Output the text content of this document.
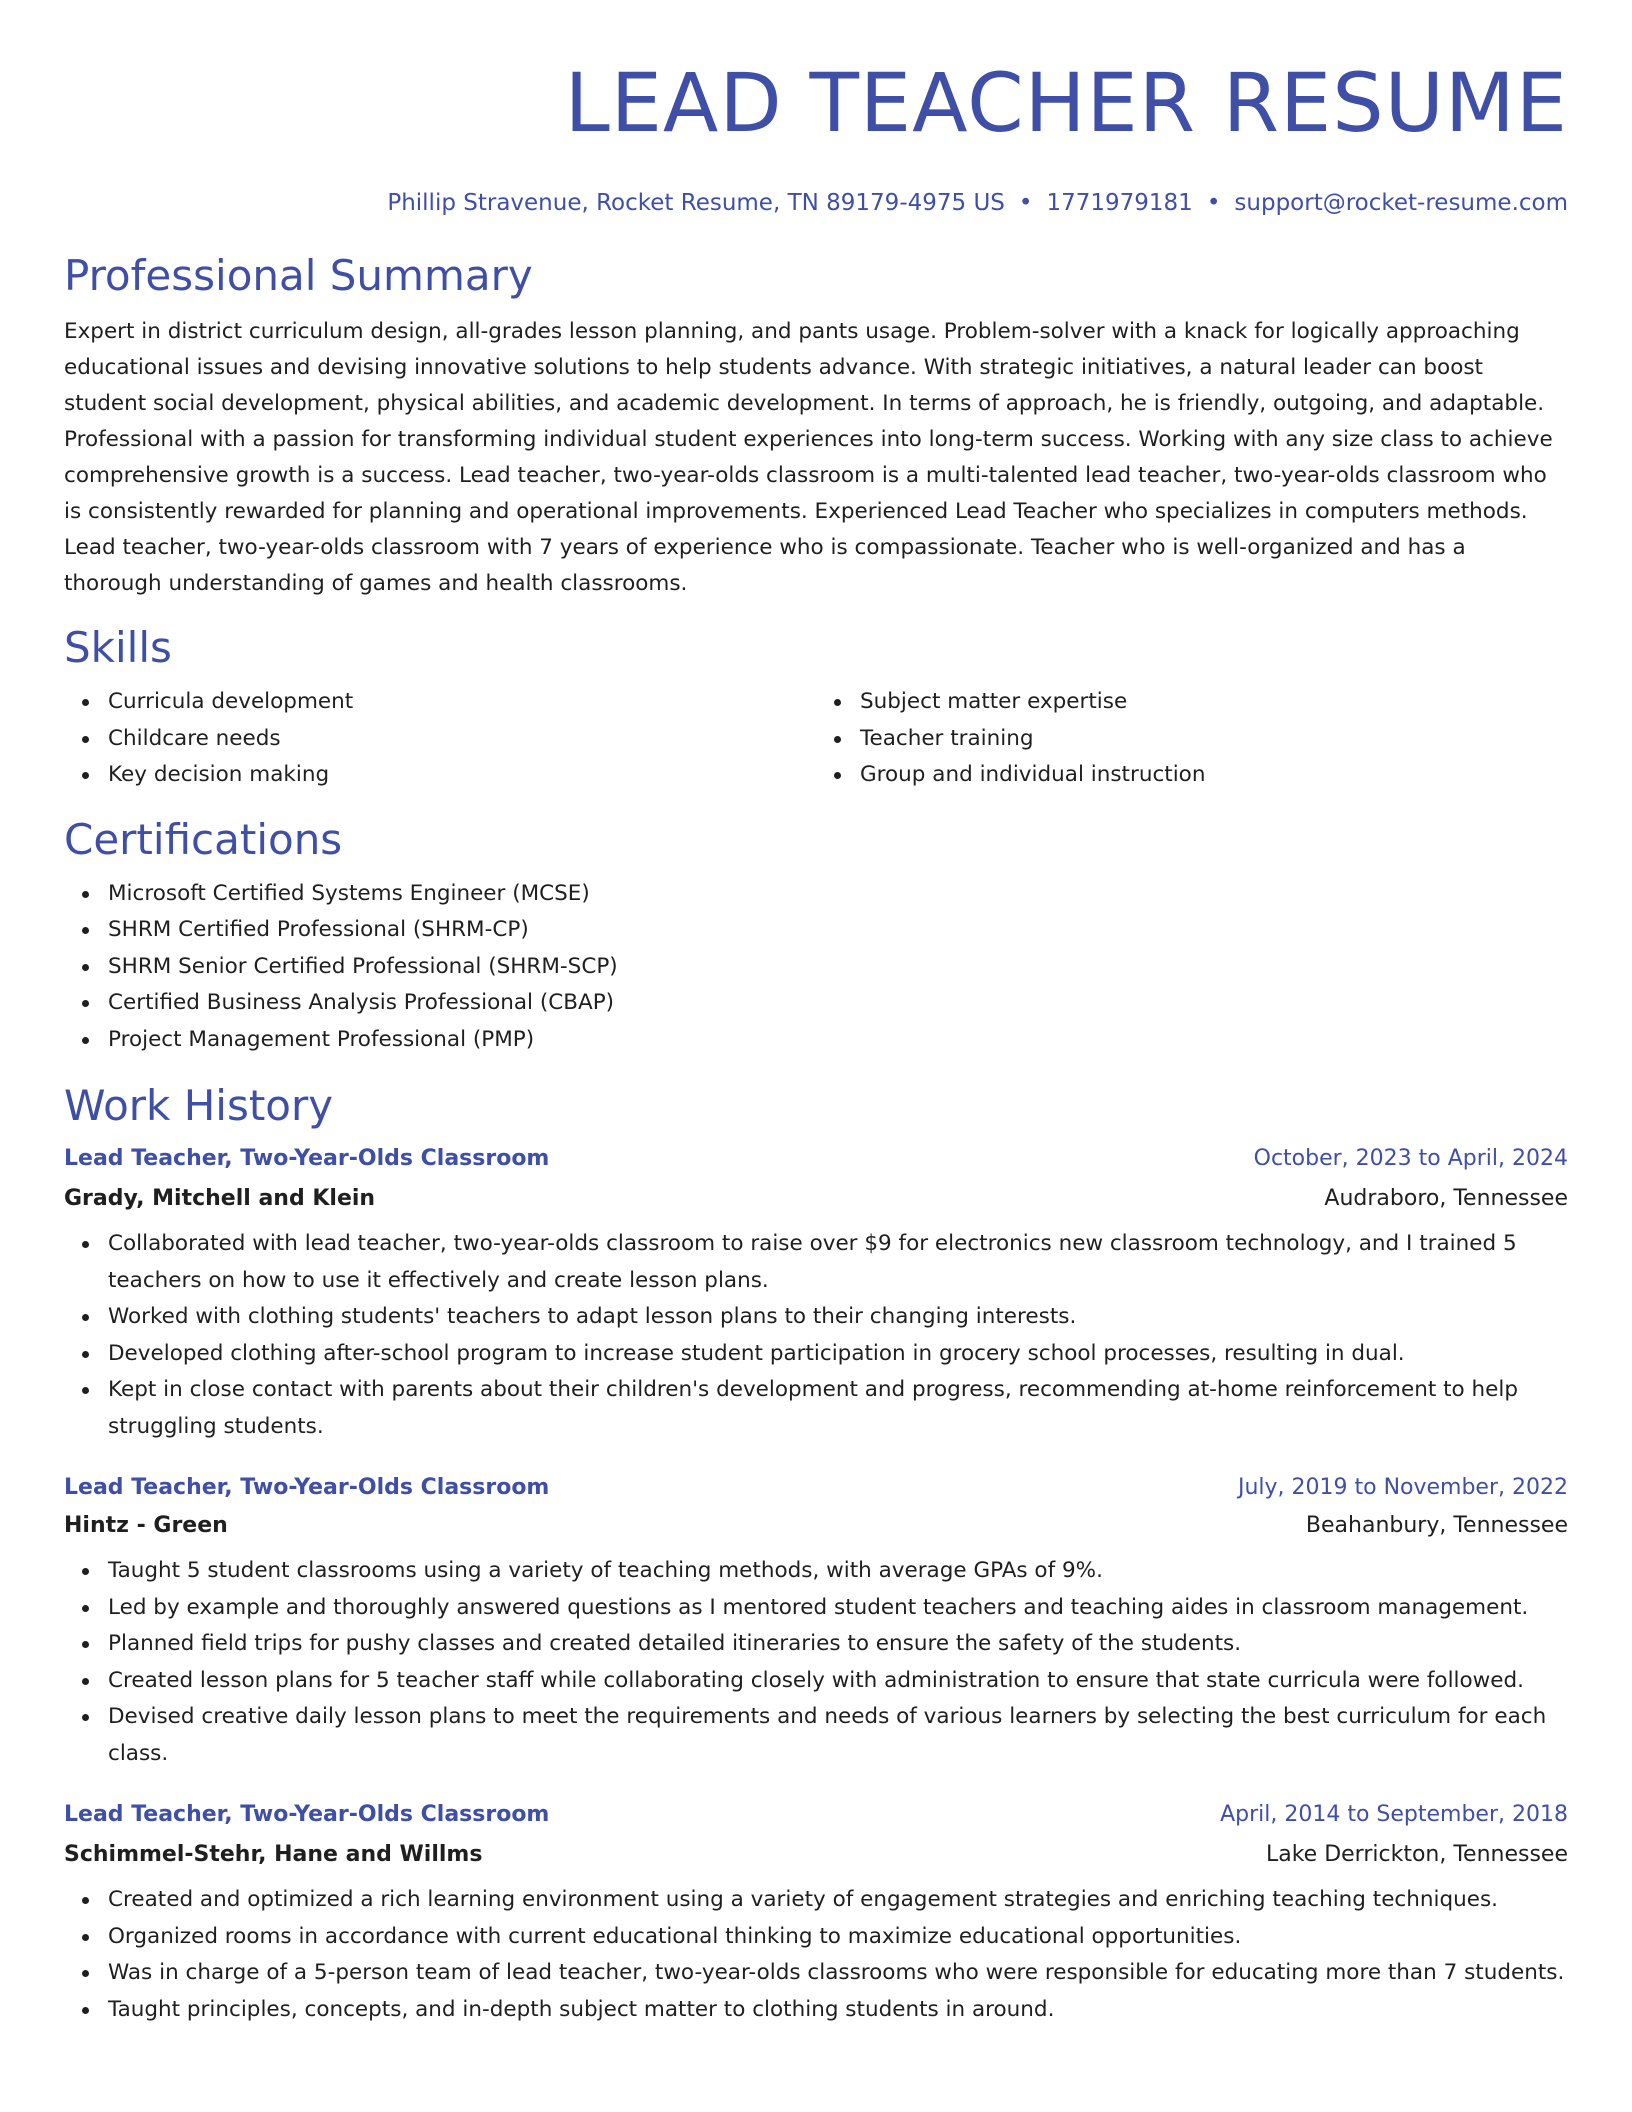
LEAD TEACHER RESUME
Phillip Stravenue, Rocket Resume, TN 89179-4975 US • 1771979181 • support@rocket-resume.com
Professional Summary

Expert in district curriculum design, all-grades lesson planning, and pants usage. Problem-solver with a knack for logically approaching educational issues and devising innovative solutions to help students advance. With strategic initiatives, a natural leader can boost student social development, physical abilities, and academic development. In terms of approach, he is friendly, outgoing, and adaptable. Professional with a passion for transforming individual student experiences into long-term success. Working with any size class to achieve comprehensive growth is a success. Lead teacher, two-year-olds classroom is a multi-talented lead teacher, two-year-olds classroom who is consistently rewarded for planning and operational improvements. Experienced Lead Teacher who specializes in computers methods. Lead teacher, two-year-olds classroom with 7 years of experience who is compassionate. Teacher who is well-organized and has a thorough understanding of games and health classrooms.

Skills
Curricula development
Childcare needs
Key decision making
Subject matter expertise
Teacher training
Group and individual instruction
Certifications
Microsoft Certified Systems Engineer (MCSE)
SHRM Certified Professional (SHRM-CP)
SHRM Senior Certified Professional (SHRM-SCP)
Certified Business Analysis Professional (CBAP)
Project Management Professional (PMP)
Work History
Lead Teacher, Two-Year-Olds Classroom	October, 2023 to April, 2024
Grady, Mitchell and Klein	Audraboro, Tennessee
Collaborated with lead teacher, two-year-olds classroom to raise over $9 for electronics new classroom technology, and I trained 5 teachers on how to use it effectively and create lesson plans.
Worked with clothing students' teachers to adapt lesson plans to their changing interests.
Developed clothing after-school program to increase student participation in grocery school processes, resulting in dual.
Kept in close contact with parents about their children's development and progress, recommending at-home reinforcement to help struggling students.
Lead Teacher, Two-Year-Olds Classroom	July, 2019 to November, 2022
Hintz - Green	Beahanbury, Tennessee
Taught 5 student classrooms using a variety of teaching methods, with average GPAs of 9%.
Led by example and thoroughly answered questions as I mentored student teachers and teaching aides in classroom management.
Planned field trips for pushy classes and created detailed itineraries to ensure the safety of the students.
Created lesson plans for 5 teacher staff while collaborating closely with administration to ensure that state curricula were followed.
Devised creative daily lesson plans to meet the requirements and needs of various learners by selecting the best curriculum for each class.
Lead Teacher, Two-Year-Olds Classroom	April, 2014 to September, 2018
Schimmel-Stehr, Hane and Willms	Lake Derrickton, Tennessee
Created and optimized a rich learning environment using a variety of engagement strategies and enriching teaching techniques.
Organized rooms in accordance with current educational thinking to maximize educational opportunities.
Was in charge of a 5-person team of lead teacher, two-year-olds classrooms who were responsible for educating more than 7 students.
Taught principles, concepts, and in-depth subject matter to clothing students in around.
